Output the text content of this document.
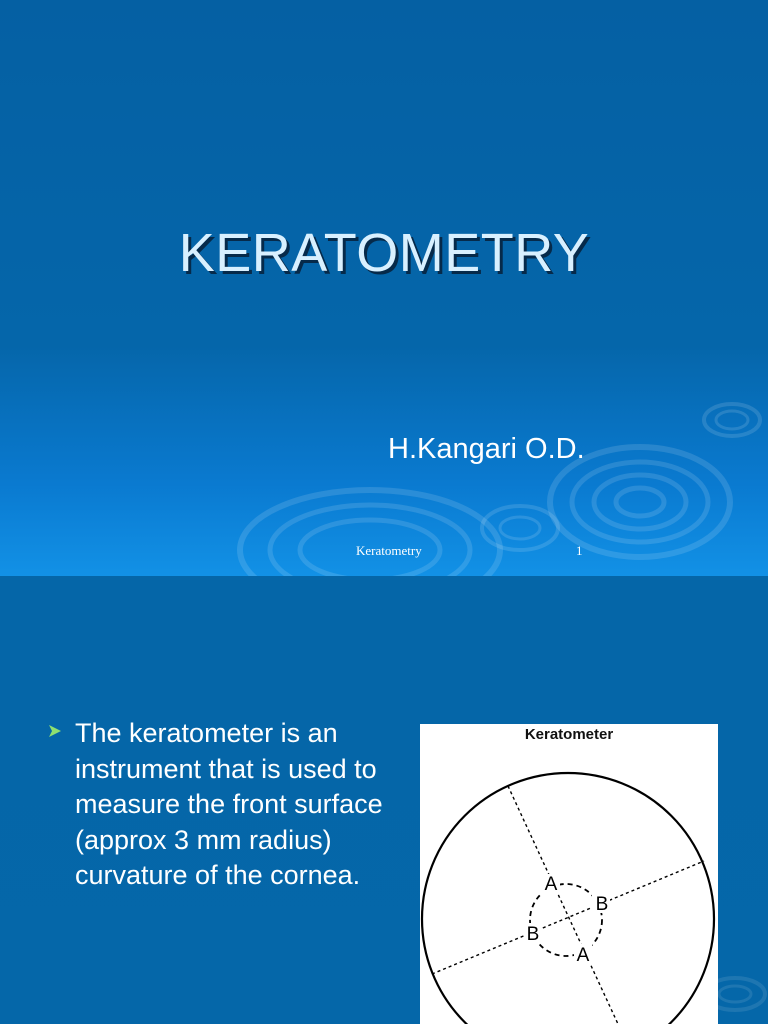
KERATOMETRY
H.Kangari O.D.
Keratometry	1
The keratometer is an instrument that is used to measure the front surface (approx 3 mm radius) curvature of the cornea.
Keratometer
A
B
B
A
